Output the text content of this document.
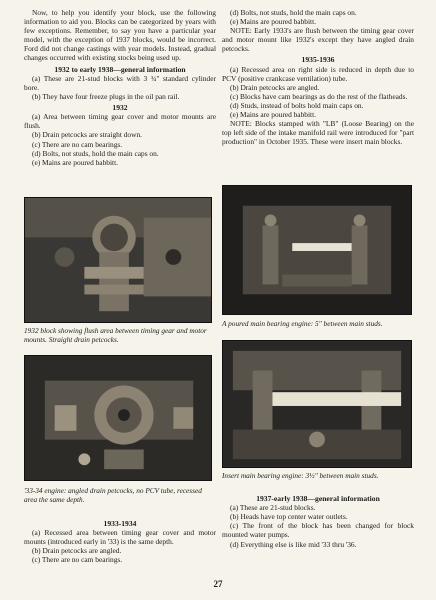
Now, to help you identify your block, use the following information to aid you. Blocks can be categorized by years with few exceptions. Remember, to say you have a particular year model, with the exception of 1937 blocks, would be incorrect. Ford did not change castings with year models. Instead, gradual changes occurred with existing stocks being used up.

1932 to early 1938—general information

(a) These are 21-stud blocks with 3 ¾" standard cylinder bore.

(b) They have four freeze plugs in the oil pan rail.

1932

(a) Area between timing gear cover and motor mounts are flush.

(b) Drain petcocks are straight down.

(c) There are no cam bearings.

(d) Bolts, not studs, hold the main caps on.

(e) Mains are poured babbitt.

(d) Bolts, not studs, hold the main caps on.

(e) Mains are poured babbitt.

NOTE: Early 1933's are flush between the timing gear cover and motor mount like 1932's except they have angled drain petcocks.

1935-1936

(a) Recessed area on right side is reduced in depth due to PCV (positive crankcase ventilation) tube.

(b) Drain petcocks are angled.

(c) Blocks have cam bearings as do the rest of the flatheads.

(d) Studs, instead of bolts hold main caps on.

(e) Mains are poured babbitt.

NOTE: Blocks stamped with "LB" (Loose Bearing) on the top left side of the intake manifold rail were introduced for "part production" in October 1935. These were insert main blocks.

1932 block showing flush area between timing gear and motor mounts. Straight drain petcocks.
'33-34 engine: angled drain petcocks, no PCV tube, recessed area the same depth.
1933-1934

(a) Recessed area between timing gear cover and motor mounts (introduced early in '33) is the same depth.

(b) Drain petcocks are angled.

(c) There are no cam bearings.

A poured main bearing engine: 5" between main studs.
Insert main bearing engine: 3½" between main studs.
1937-early 1938—general information

(a) These are 21-stud blocks.

(b) Heads have top center water outlets.

(c) The front of the block has been changed for block mounted water pumps.

(d) Everything else is like mid '33 thru '36.

27
